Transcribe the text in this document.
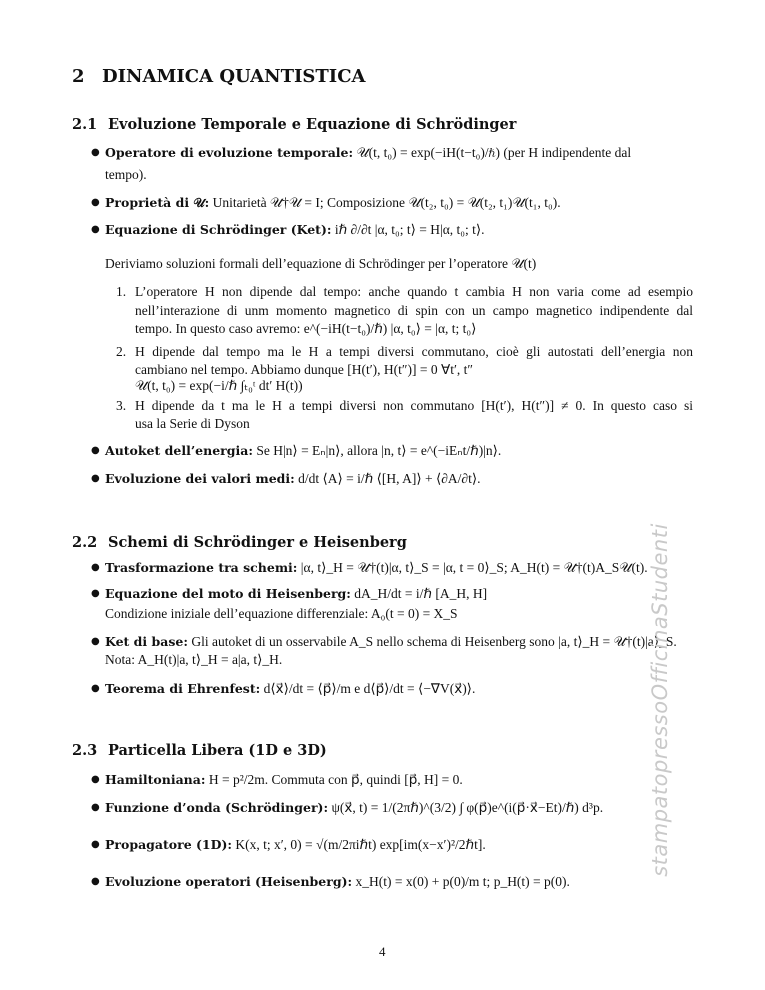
2 DINAMICA QUANTISTICA
2.1 Evoluzione Temporale e Equazione di Schrödinger
● Operatore di evoluzione temporale: 𝒰(t, t₀) = exp(−iH(t−t₀)/ℏ) (per H indipendente dal
tempo).
● Proprietà di 𝒰: Unitarietà 𝒰†𝒰 = I; Composizione 𝒰(t₂, t₀) = 𝒰(t₂, t₁)𝒰(t₁, t₀).
● Equazione di Schrödinger (Ket): iℏ ∂/∂t |α, t₀; t⟩ = H|α, t₀; t⟩.
Deriviamo soluzioni formali dell’equazione di Schrödinger per l’operatore 𝒰(t)
1. L’operatore H non dipende dal tempo: anche quando t cambia H non varia come ad esempio
nell’interazione di unm momento magnetico di spin con un campo magnetico indipendente dal
tempo. In questo caso avremo: e^(−iH(t−t₀)/ℏ) |α, t₀⟩ = |α, t; t₀⟩
2. H dipende dal tempo ma le H a tempi diversi commutano, cioè gli autostati dell’energia non
cambiano nel tempo. Abbiamo dunque [H(t′), H(t″)] = 0 ∀t′, t″
𝒰(t, t₀) = exp(−i/ℏ ∫ₜ₀ᵗ dt′ H(t))
3. H dipende da t ma le H a tempi diversi non commutano [H(t′), H(t″)] ≠ 0. In questo caso si
usa la Serie di Dyson
● Autoket dell’energia: Se H|n⟩ = Eₙ|n⟩, allora |n, t⟩ = e^(−iEₙt/ℏ)|n⟩.
● Evoluzione dei valori medi: d/dt ⟨A⟩ = i/ℏ ⟨[H, A]⟩ + ⟨∂A/∂t⟩.
2.2 Schemi di Schrödinger e Heisenberg
● Trasformazione tra schemi: |α, t⟩_H = 𝒰†(t)|α, t⟩_S = |α, t = 0⟩_S; A_H(t) = 𝒰†(t)A_S𝒰(t).
● Equazione del moto di Heisenberg: dA_H/dt = i/ℏ [A_H, H]
Condizione iniziale dell’equazione differenziale: A₀(t = 0) = X_S
● Ket di base: Gli autoket di un osservabile A_S nello schema di Heisenberg sono |a, t⟩_H = 𝒰†(t)|a⟩_S.
Nota: A_H(t)|a, t⟩_H = a|a, t⟩_H.
● Teorema di Ehrenfest: d⟨x⃗⟩/dt = ⟨p⃗⟩/m e d⟨p⃗⟩/dt = ⟨−∇V(x⃗)⟩.
2.3 Particella Libera (1D e 3D)
● Hamiltoniana: H = p²/2m. Commuta con p⃗, quindi [p⃗, H] = 0.
● Funzione d’onda (Schrödinger): ψ(x⃗, t) = 1/(2πℏ)^(3/2) ∫ φ(p⃗)e^(i(p⃗·x⃗−Et)/ℏ) d³p.
● Propagatore (1D): K(x, t; x′, 0) = √(m/2πiℏt) exp[im(x−x′)²/2ℏt].
● Evoluzione operatori (Heisenberg): x_H(t) = x(0) + p(0)/m t; p_H(t) = p(0).
stampatopressoOfficinaStudenti
4
